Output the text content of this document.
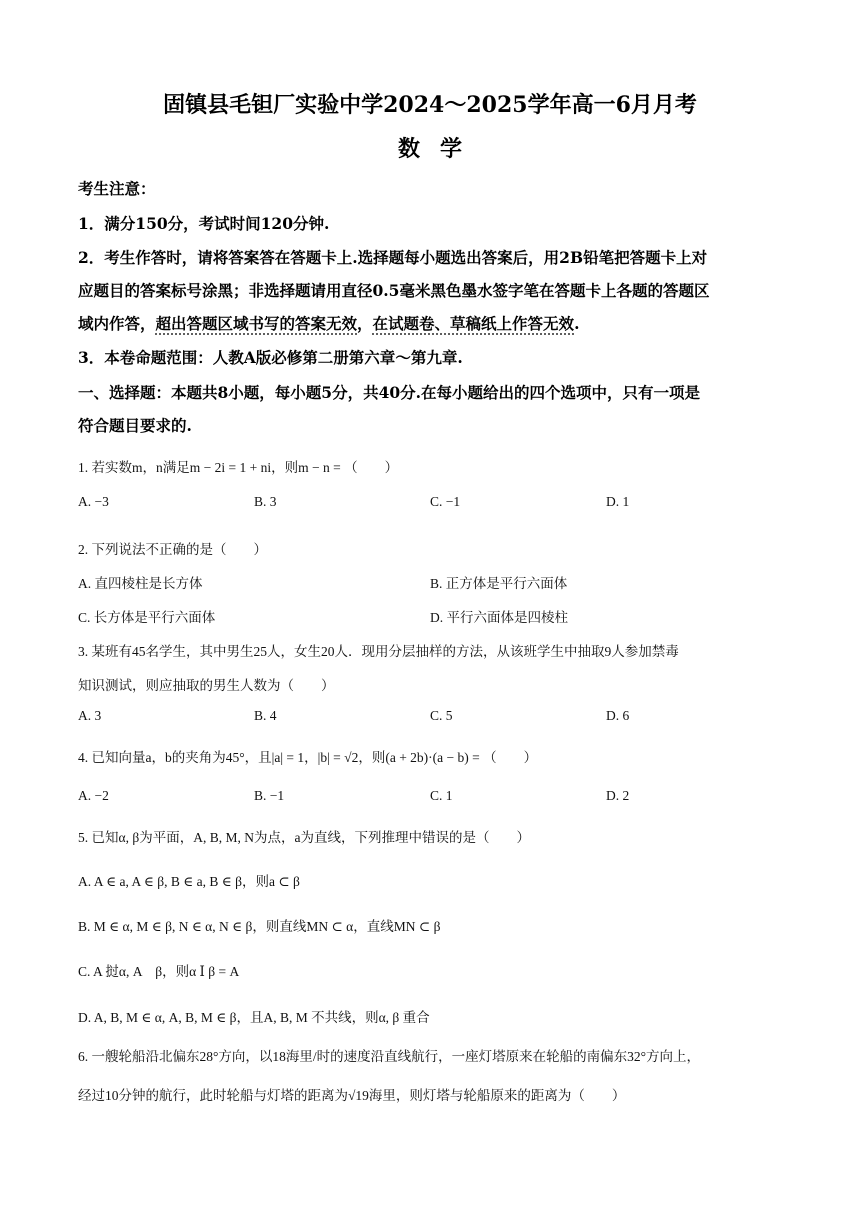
固镇县毛钽厂实验中学2024～2025学年高一6月月考
数学
考生注意：
1．满分150分，考试时间120分钟.
2．考生作答时，请将答案答在答题卡上.选择题每小题选出答案后，用2B铅笔把答题卡上对
应题目的答案标号涂黑；非选择题请用直径0.5毫米黑色墨水签字笔在答题卡上各题的答题区
域内作答，超出答题区域书写的答案无效，在试题卷、草稿纸上作答无效.
3．本卷命题范围：人教A版必修第二册第六章～第九章.
一、选择题：本题共8小题，每小题5分，共40分.在每小题给出的四个选项中，只有一项是
符合题目要求的.
1. 若实数m，n满足m − 2i = 1 + ni，则m − n = （　　）
A. −3	B. 3	C. −1	D. 1
2. 下列说法不正确的是（　　）
A. 直四棱柱是长方体	B. 正方体是平行六面体
C. 长方体是平行六面体	D. 平行六面体是四棱柱
3. 某班有45名学生，其中男生25人，女生20人．现用分层抽样的方法，从该班学生中抽取9人参加禁毒
知识测试，则应抽取的男生人数为（　　）
A. 3	B. 4	C. 5	D. 6
4. 已知向量a，b的夹角为45°，且|a| = 1，|b| = √2，则(a + 2b)·(a − b) = （　　）
A. −2	B. −1	C. 1	D. 2
5. 已知α, β为平面，A, B, M, N为点，a为直线，下列推理中错误的是（　　）
A. A ∈ a, A ∈ β, B ∈ a, B ∈ β，则a ⊂ β
B. M ∈ α, M ∈ β, N ∈ α, N ∈ β，则直线MN ⊂ α，直线MN ⊂ β
C. A 挝α, A　β，则α Ⅰ β = A
D. A, B, M ∈ α, A, B, M ∈ β，且A, B, M 不共线，则α, β 重合
6. 一艘轮船沿北偏东28°方向，以18海里/时的速度沿直线航行，一座灯塔原来在轮船的南偏东32°方向上，
经过10分钟的航行，此时轮船与灯塔的距离为√19海里，则灯塔与轮船原来的距离为（　　）
